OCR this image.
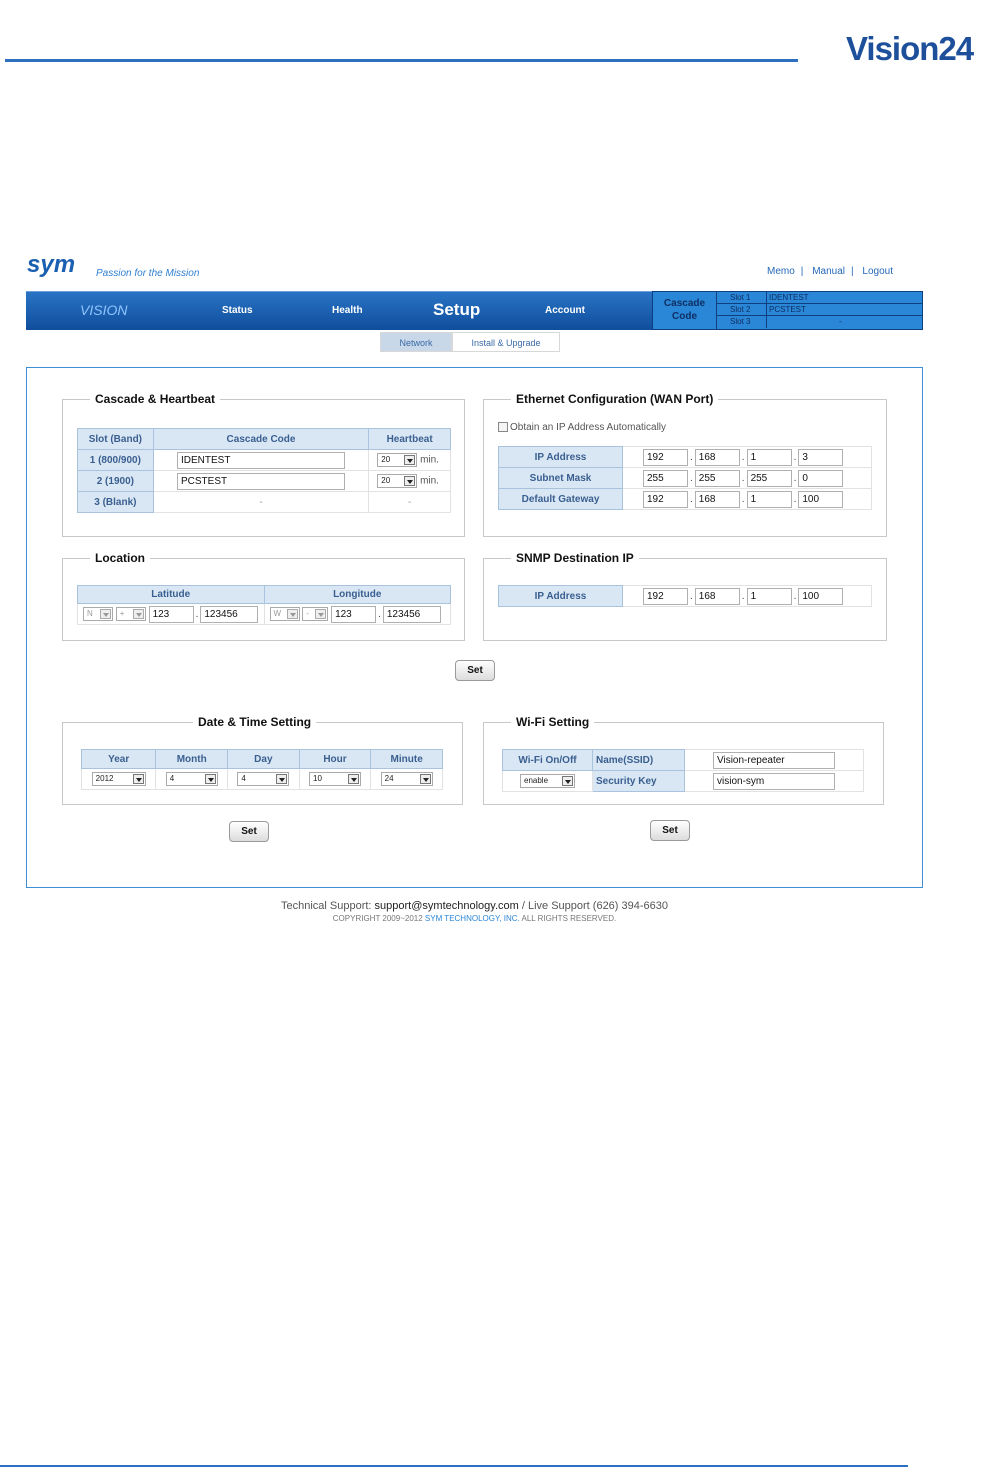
Vision24
sym Passion for the Mission	Memo | Manual | Logout
VISION	Status	Health	Setup	Account
Cascade Code
Slot 1 IDENTEST
Slot 2 PCSTEST
Slot 3	-
Network	Install & Upgrade
Cascade & Heartbeat
Slot (Band)	Cascade Code	Heartbeat
1 (800/900)	IDENTEST	20 min.
2 (1900)	PCSTEST	20 min.
3 (Blank)	-	-
Ethernet Configuration (WAN Port)
Obtain an IP Address Automatically
IP Address	192 . 168 . 1 . 3
Subnet Mask	255 . 255 . 255 . 0
Default Gateway	192 . 168 . 1 . 100
Location
Latitude	Longitude
N + 123 . 123456	W - 123 . 123456
SNMP Destination IP
IP Address	192	. 168	. 1	. 100
Set
Date & Time Setting
Year	Month	Day	Hour	Minute
2012	4	4	10	24
Wi-Fi Setting
Wi-Fi On/Off	Name(SSID)	Vision-repeater
enable	Security Key	vision-sym
Set	Set
Technical Support: support@symtechnology.com / Live Support (626) 394-6630
COPYRIGHT 2009~2012 SYM TECHNOLOGY, INC. ALL RIGHTS RESERVED.
